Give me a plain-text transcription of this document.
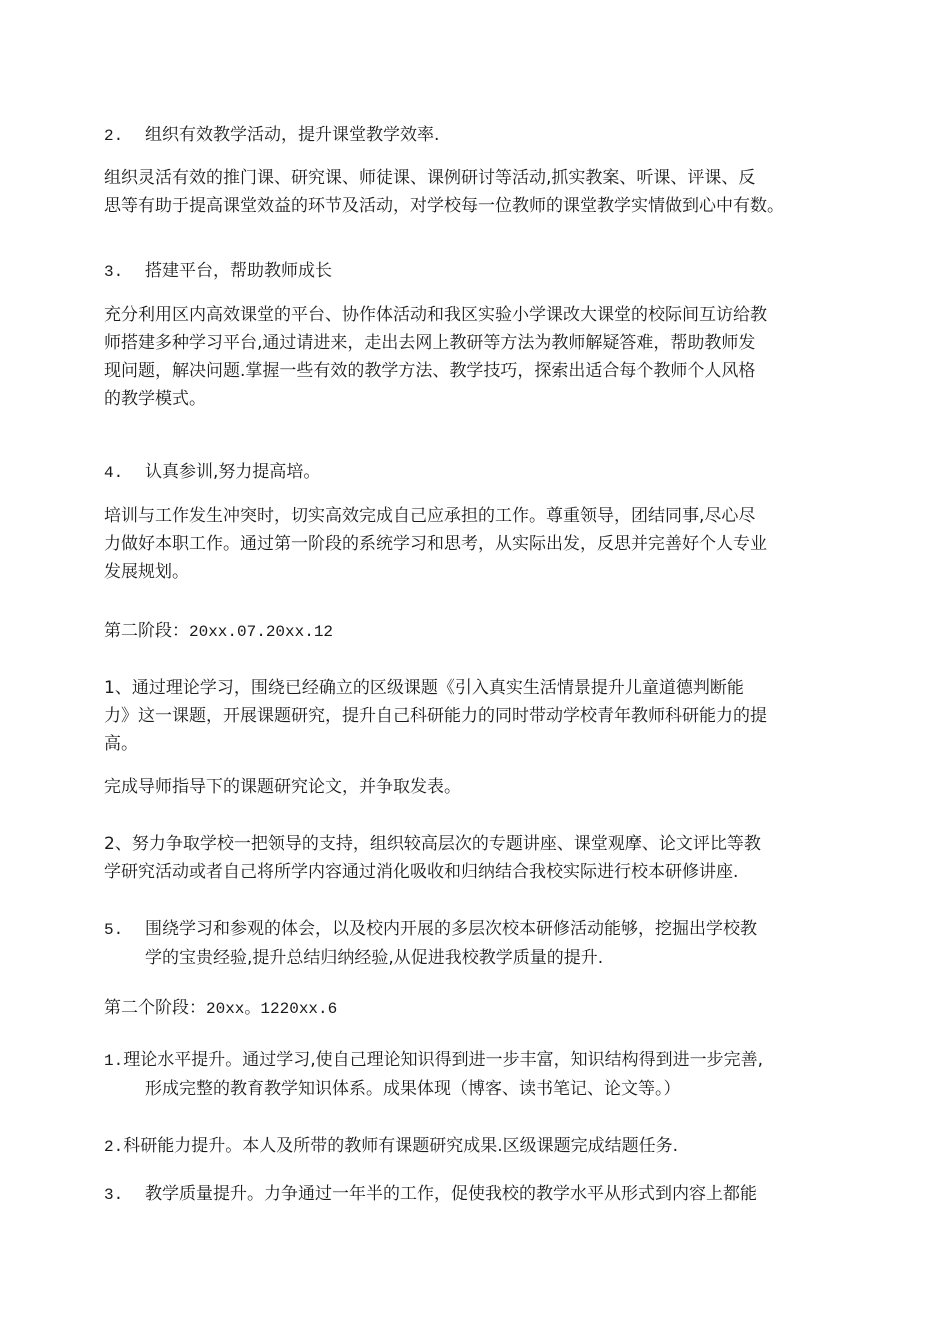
2. 组织有效教学活动，提升课堂教学效率.
组织灵活有效的推门课、研究课、师徒课、课例研讨等活动,抓实教案、听课、评课、反
思等有助于提高课堂效益的环节及活动，对学校每一位教师的课堂教学实情做到心中有数。
3. 搭建平台，帮助教师成长
充分利用区内高效课堂的平台、协作体活动和我区实验小学课改大课堂的校际间互访给教
师搭建多种学习平台,通过请进来，走出去网上教研等方法为教师解疑答难，帮助教师发
现问题，解决问题.掌握一些有效的教学方法、教学技巧，探索出适合每个教师个人风格
的教学模式。
4. 认真参训,努力提高培。
培训与工作发生冲突时，切实高效完成自己应承担的工作。尊重领导，团结同事,尽心尽
力做好本职工作。通过第一阶段的系统学习和思考，从实际出发，反思并完善好个人专业
发展规划。
第二阶段：20xx.07.20xx.12
1、通过理论学习，围绕已经确立的区级课题《引入真实生活情景提升儿童道德判断能
力》这一课题，开展课题研究，提升自己科研能力的同时带动学校青年教师科研能力的提
高。
完成导师指导下的课题研究论文，并争取发表。
2、努力争取学校一把领导的支持，组织较高层次的专题讲座、课堂观摩、论文评比等教
学研究活动或者自己将所学内容通过消化吸收和归纳结合我校实际进行校本研修讲座.
5. 围绕学习和参观的体会，以及校内开展的多层次校本研修活动能够，挖掘出学校教
学的宝贵经验,提升总结归纳经验,从促进我校教学质量的提升.
第二个阶段：20xx。1220xx.6
1.理论水平提升。通过学习,使自己理论知识得到进一步丰富，知识结构得到进一步完善,
形成完整的教育教学知识体系。成果体现（博客、读书笔记、论文等。）
2.科研能力提升。本人及所带的教师有课题研究成果.区级课题完成结题任务.
3. 教学质量提升。力争通过一年半的工作，促使我校的教学水平从形式到内容上都能
